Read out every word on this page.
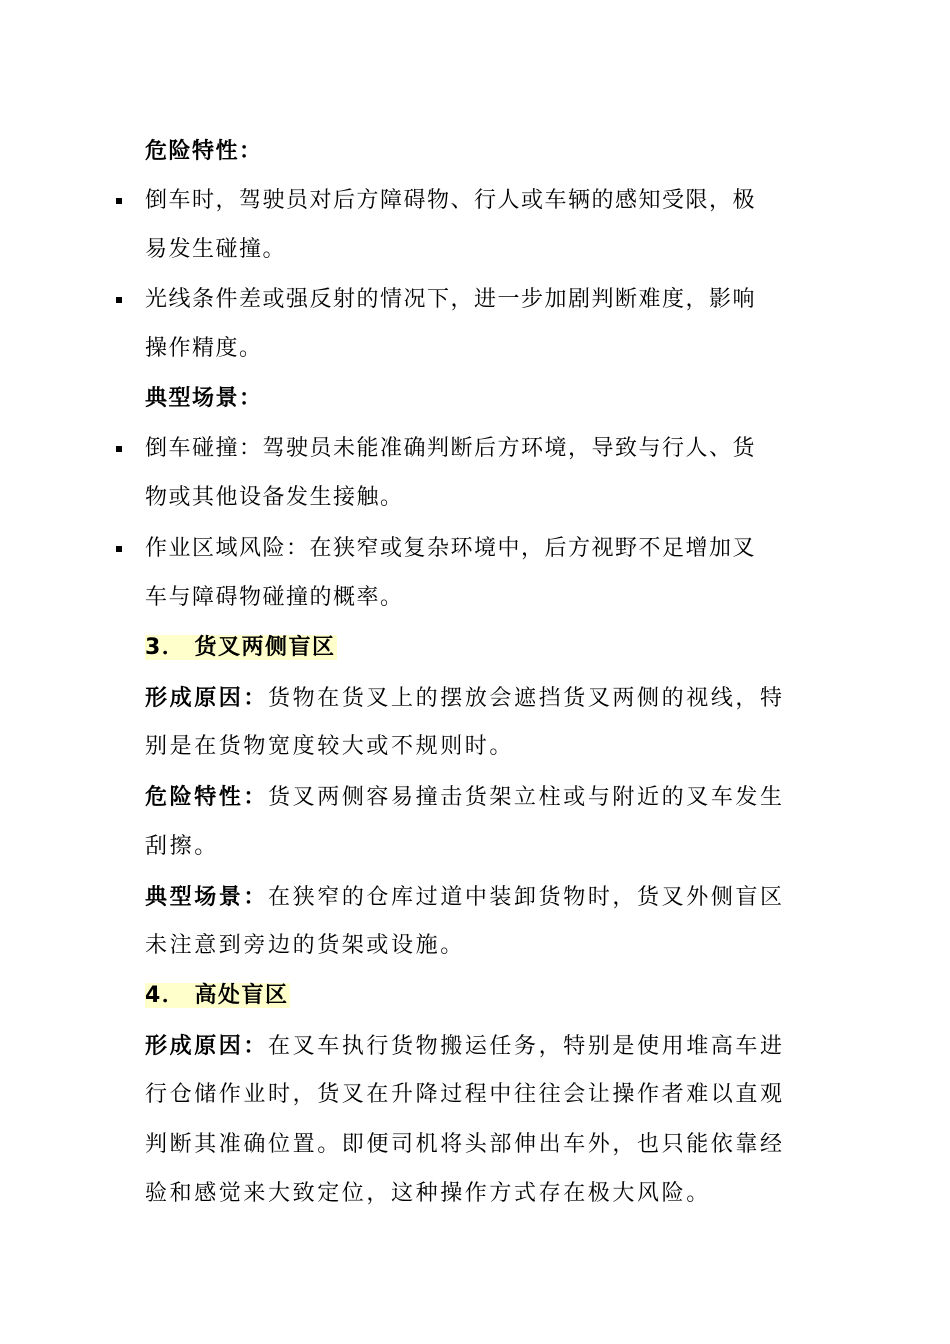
危险特性：
倒车时，驾驶员对后方障碍物、行人或车辆的感知受限，极
易发生碰撞。
光线条件差或强反射的情况下，进一步加剧判断难度，影响
操作精度。
典型场景：
倒车碰撞：驾驶员未能准确判断后方环境，导致与行人、货
物或其他设备发生接触。
作业区域风险：在狭窄或复杂环境中，后方视野不足增加叉
车与障碍物碰撞的概率。
3． 货叉两侧盲区
形成原因：货物在货叉上的摆放会遮挡货叉两侧的视线，特
别是在货物宽度较大或不规则时。
危险特性：货叉两侧容易撞击货架立柱或与附近的叉车发生
刮擦。
典型场景：在狭窄的仓库过道中装卸货物时，货叉外侧盲区
未注意到旁边的货架或设施。
4． 高处盲区
形成原因：在叉车执行货物搬运任务，特别是使用堆高车进
行仓储作业时，货叉在升降过程中往往会让操作者难以直观
判断其准确位置。即便司机将头部伸出车外，也只能依靠经
验和感觉来大致定位，这种操作方式存在极大风险。
